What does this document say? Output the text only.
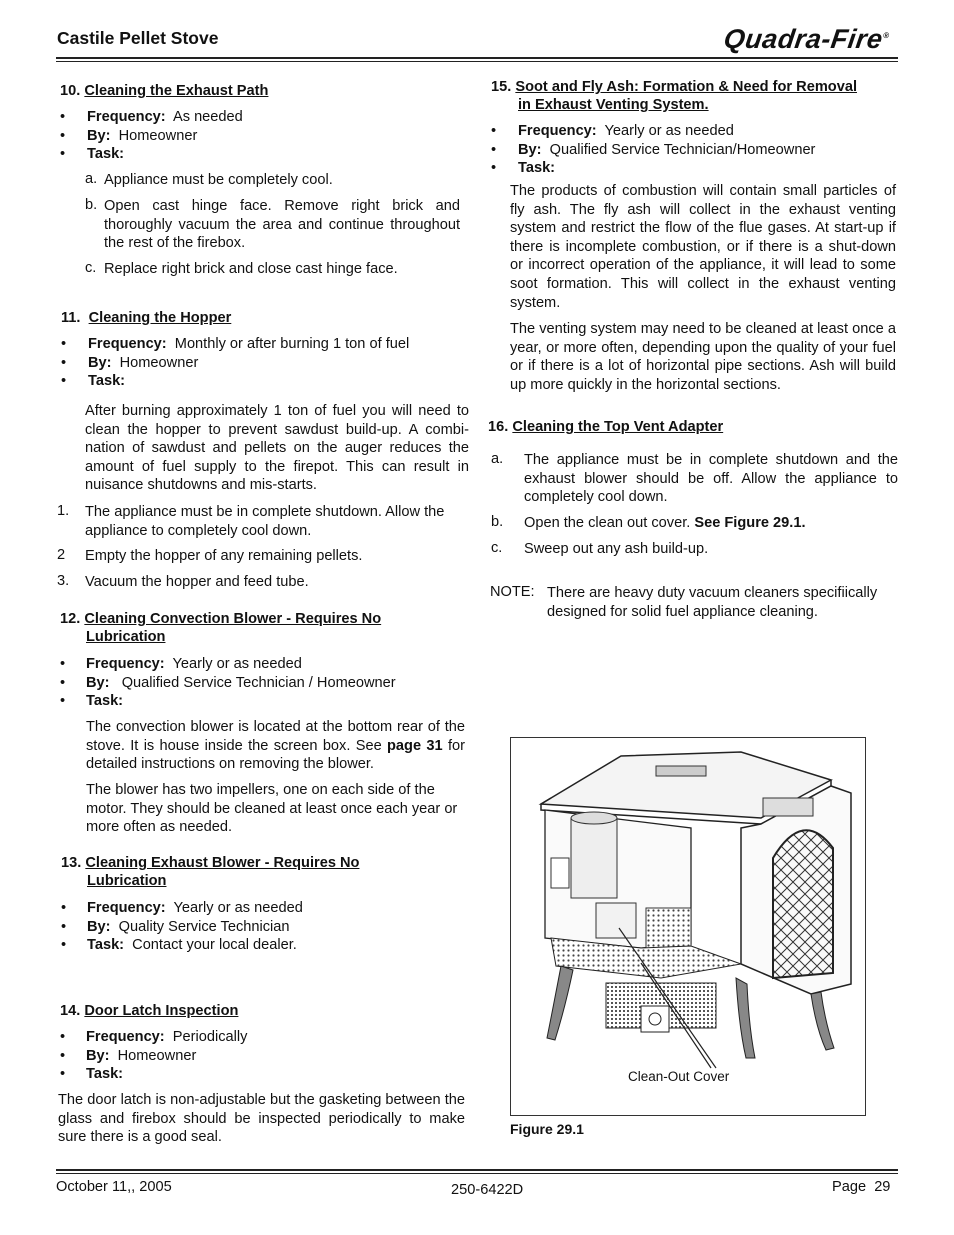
Castile Pellet Stove	Quadra-Fire®
10. Cleaning the Exhaust Path
• Frequency: As needed
• By: Homeowner
• Task:
a. Appliance must be completely cool.

b. Open cast hinge face. Remove right brick and thoroughly vacuum the area and continue throughout the rest of the firebox.

c. Replace right brick and close cast hinge face.

11. Cleaning the Hopper
• Frequency: Monthly or after burning 1 ton of fuel
• By: Homeowner
• Task:

After burning approximately 1 ton of fuel you will need to clean the hopper to prevent sawdust build-up. A combi-nation of sawdust and pellets on the auger reduces the amount of fuel supply to the firepot. This can result in nuisance shutdowns and mis-starts.

1. The appliance must be in complete shutdown. Allow the appliance to completely cool down.

2 Empty the hopper of any remaining pellets.

3. Vacuum the hopper and feed tube.

12. Cleaning Convection Blower - Requires No
Lubrication
• Frequency: Yearly or as needed
• By: Qualified Service Technician / Homeowner
• Task:

The convection blower is located at the bottom rear of the stove. It is house inside the screen box. See page 31 for detailed instructions on removing the blower.

The blower has two impellers, one on each side of the motor. They should be cleaned at least once each year or more often as needed.

13. Cleaning Exhaust Blower - Requires No
Lubrication
• Frequency: Yearly or as needed
• By: Quality Service Technician
• Task: Contact your local dealer.
14. Door Latch Inspection
• Frequency: Periodically
• By: Homeowner
• Task:

The door latch is non-adjustable but the gasketing between the glass and firebox should be inspected periodically to make sure there is a good seal.

15. Soot and Fly Ash: Formation & Need for Removal
in Exhaust Venting System.
• Frequency: Yearly or as needed
• By: Qualified Service Technician/Homeowner
• Task:

The products of combustion will contain small particles of fly ash. The fly ash will collect in the exhaust venting system and restrict the flow of the flue gases. At start-up if there is incomplete combustion, or if there is a shut-down or incorrect operation of the appliance, it will lead to some soot formation. This will collect in the exhaust venting system.

The venting system may need to be cleaned at least once a year, or more often, depending upon the quality of your fuel or if there is a lot of horizontal pipe sections. Ash will build up more quickly in the horizontal sections.

16. Cleaning the Top Vent Adapter
a. The appliance must be in complete shutdown and the exhaust blower should be off. Allow the appliance to completely cool down.

b. Open the clean out cover. See Figure 29.1.

c. Sweep out any ash build-up.

NOTE: There are heavy duty vacuum cleaners specifiically designed for solid fuel appliance cleaning.

Clean-Out Cover
Figure 29.1
October 11,, 2005	250-6422D	Page  29
